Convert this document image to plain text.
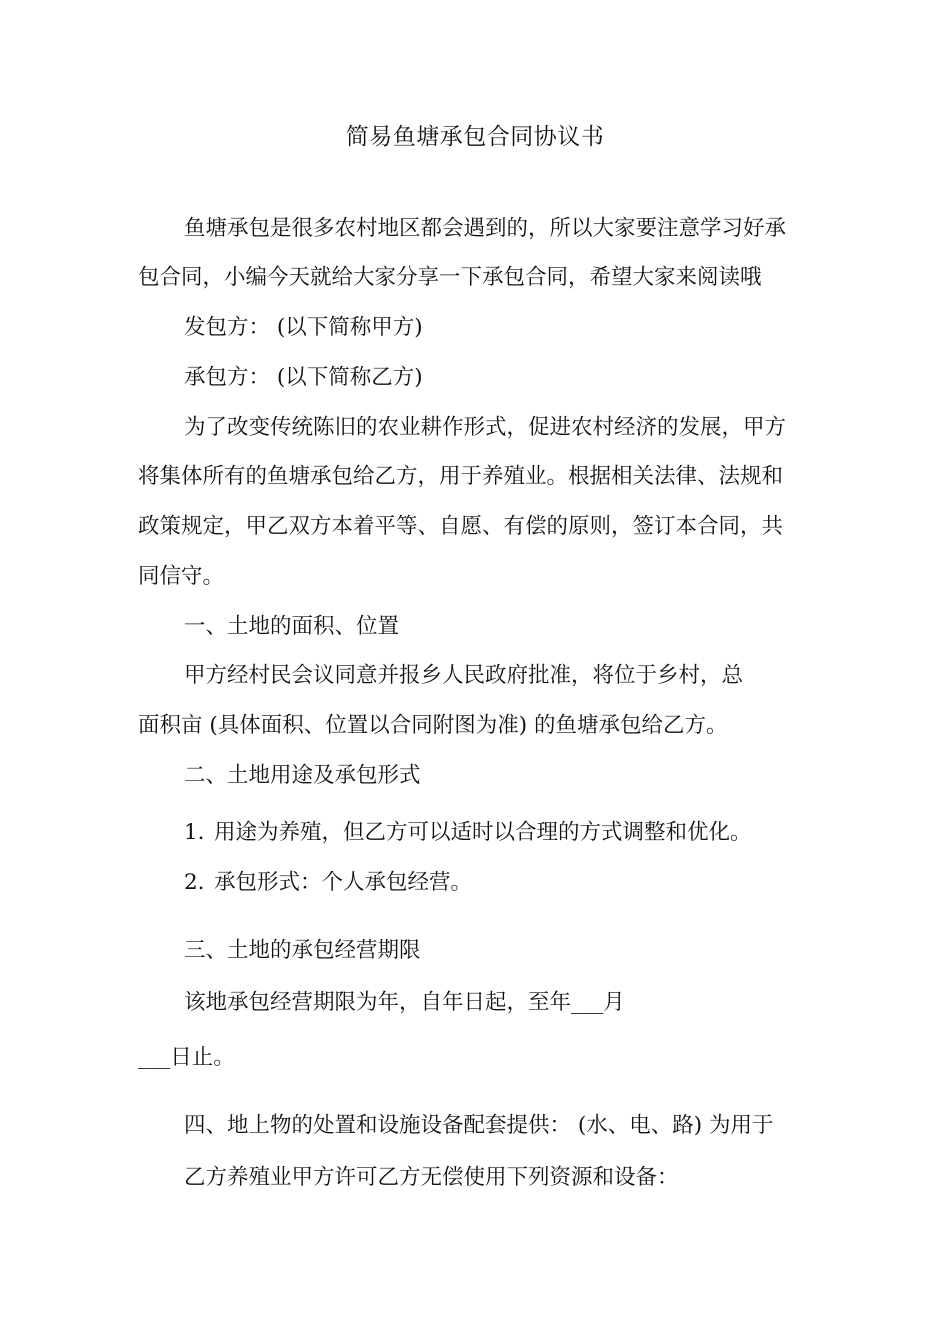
简易鱼塘承包合同协议书
鱼塘承包是很多农村地区都会遇到的，所以大家要注意学习好承
包合同，小编今天就给大家分享一下承包合同，希望大家来阅读哦
发包方： (以下简称甲方)
承包方： (以下简称乙方)
为了改变传统陈旧的农业耕作形式，促进农村经济的发展，甲方
将集体所有的鱼塘承包给乙方，用于养殖业。根据相关法律、法规和
政策规定，甲乙双方本着平等、自愿、有偿的原则，签订本合同，共
同信守。
一、土地的面积、位置
甲方经村民会议同意并报乡人民政府批准，将位于乡村，总
面积亩 (具体面积、位置以合同附图为准) 的鱼塘承包给乙方。
二、土地用途及承包形式
1. 用途为养殖，但乙方可以适时以合理的方式调整和优化。
2. 承包形式：个人承包经营。
三、土地的承包经营期限
该地承包经营期限为年，自年日起，至年___月
___日止。
四、地上物的处置和设施设备配套提供： (水、电、路) 为用于
乙方养殖业甲方许可乙方无偿使用下列资源和设备：
